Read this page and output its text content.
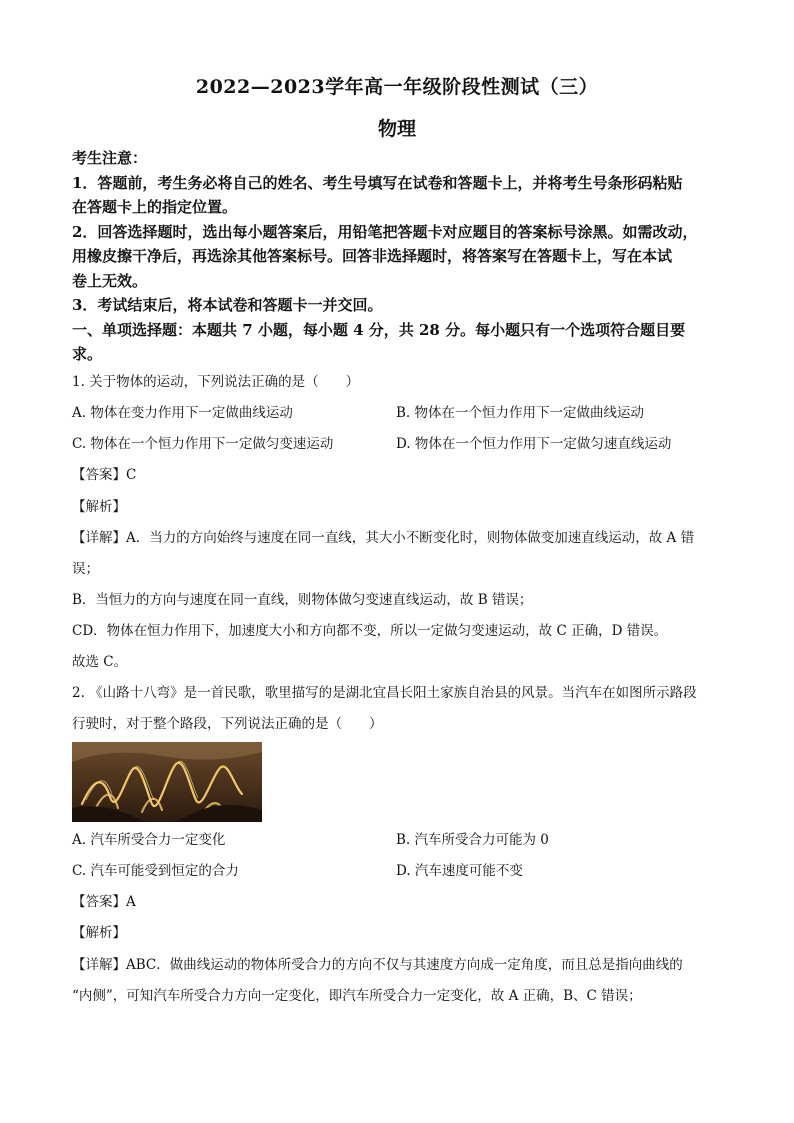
2022—2023学年高一年级阶段性测试（三）
物理
考生注意：
1．答题前，考生务必将自己的姓名、考生号填写在试卷和答题卡上，并将考生号条形码粘贴
在答题卡上的指定位置。
2．回答选择题时，选出每小题答案后，用铅笔把答题卡对应题目的答案标号涂黑。如需改动，
用橡皮擦干净后，再选涂其他答案标号。回答非选择题时，将答案写在答题卡上，写在本试
卷上无效。
3．考试结束后，将本试卷和答题卡一并交回。
一、单项选择题：本题共 7 小题，每小题 4 分，共 28 分。每小题只有一个选项符合题目要
求。
1. 关于物体的运动，下列说法正确的是（　　）
A. 物体在变力作用下一定做曲线运动	B. 物体在一个恒力作用下一定做曲线运动
C. 物体在一个恒力作用下一定做匀变速运动	D. 物体在一个恒力作用下一定做匀速直线运动
【答案】C
【解析】
【详解】A．当力的方向始终与速度在同一直线，其大小不断变化时，则物体做变加速直线运动，故 A 错
误；
B．当恒力的方向与速度在同一直线，则物体做匀变速直线运动，故 B 错误；
CD．物体在恒力作用下，加速度大小和方向都不变，所以一定做匀变速运动，故 C 正确，D 错误。
故选 C。
2. 《山路十八弯》是一首民歌，歌里描写的是湖北宜昌长阳土家族自治县的风景。当汽车在如图所示路段
行驶时，对于整个路段，下列说法正确的是（　　）
A. 汽车所受合力一定变化	B. 汽车所受合力可能为 0
C. 汽车可能受到恒定的合力	D. 汽车速度可能不变
【答案】A
【解析】
【详解】ABC．做曲线运动的物体所受合力的方向不仅与其速度方向成一定角度，而且总是指向曲线的
“内侧”，可知汽车所受合力方向一定变化，即汽车所受合力一定变化，故 A 正确，B、C 错误；
